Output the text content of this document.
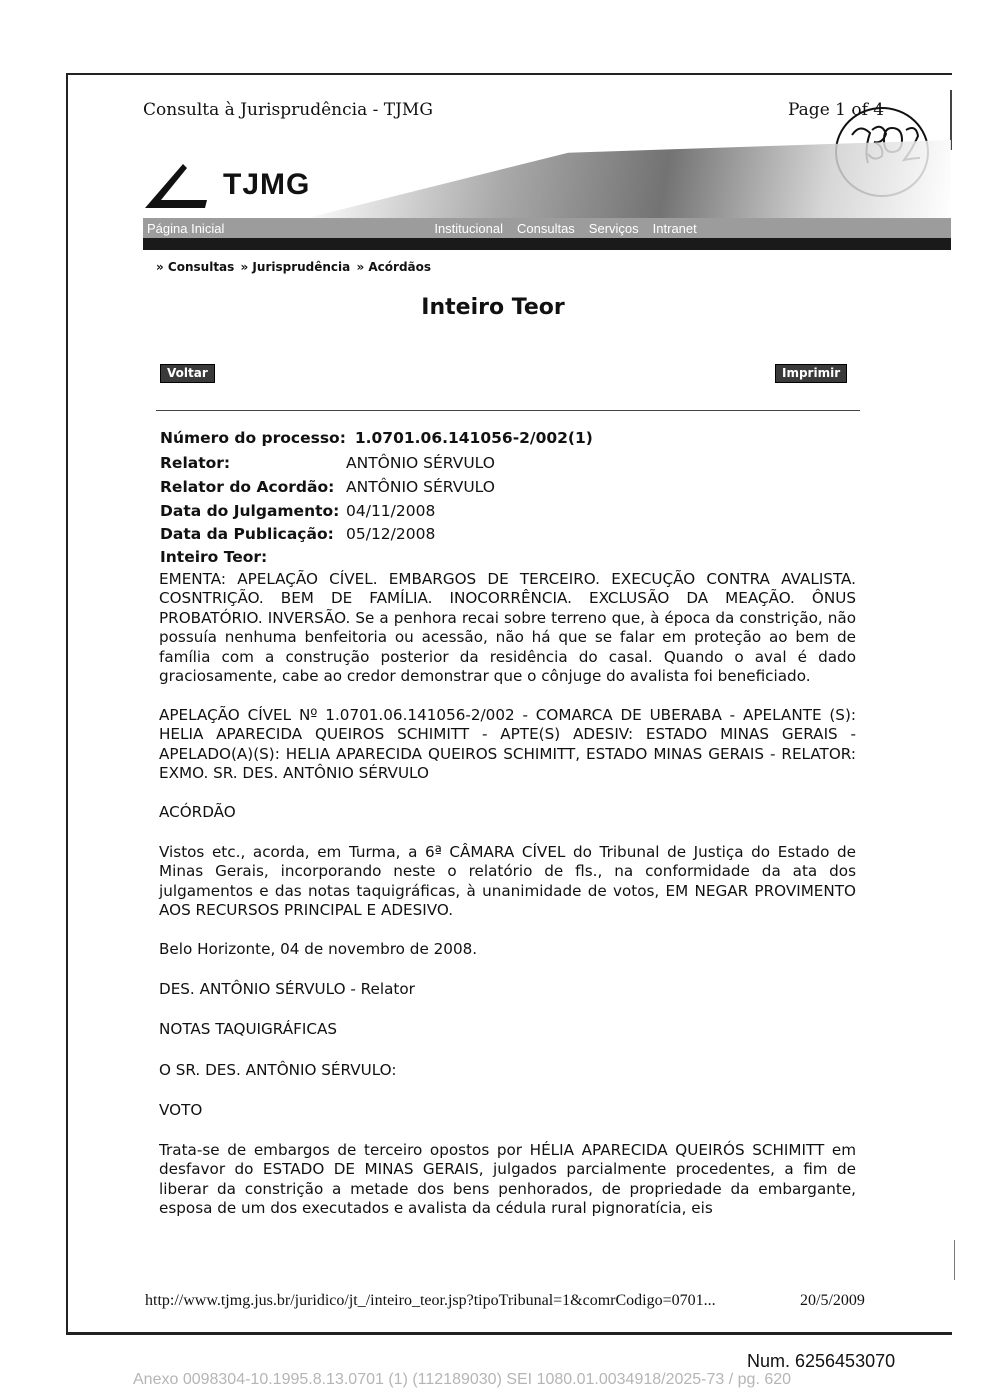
Consulta à Jurisprudência - TJMG	Page 1 of 4
TJMG
Página Inicial	Institucional Consultas Serviços Intranet
» Consultas » Jurisprudência » Acórdãos
Inteiro Teor
Voltar	Imprimir
Número do processo: 1.0701.06.141056-2/002(1)
Relator:	ANTÔNIO SÉRVULO
Relator do Acordão: ANTÔNIO SÉRVULO
Data do Julgamento: 04/11/2008
Data da Publicação: 05/12/2008
Inteiro Teor:

EMENTA: APELAÇÃO CÍVEL. EMBARGOS DE TERCEIRO. EXECUÇÃO CONTRA AVALISTA. COSNTRIÇÃO. BEM DE FAMÍLIA. INOCORRÊNCIA. EXCLUSÃO DA MEAÇÃO. ÔNUS PROBATÓRIO. INVERSÃO. Se a penhora recai sobre terreno que, à época da constrição, não possuía nenhuma benfeitoria ou acessão, não há que se falar em proteção ao bem de família com a construção posterior da residência do casal. Quando o aval é dado graciosamente, cabe ao credor demonstrar que o cônjuge do avalista foi beneficiado.

APELAÇÃO CÍVEL Nº 1.0701.06.141056-2/002 - COMARCA DE UBERABA - APELANTE (S): HELIA APARECIDA QUEIROS SCHIMITT - APTE(S) ADESIV: ESTADO MINAS GERAIS - APELADO(A)(S): HELIA APARECIDA QUEIROS SCHIMITT, ESTADO MINAS GERAIS - RELATOR: EXMO. SR. DES. ANTÔNIO SÉRVULO

ACÓRDÃO

Vistos etc., acorda, em Turma, a 6ª CÂMARA CÍVEL do Tribunal de Justiça do Estado de Minas Gerais, incorporando neste o relatório de fls., na conformidade da ata dos julgamentos e das notas taquigráficas, à unanimidade de votos, EM NEGAR PROVIMENTO AOS RECURSOS PRINCIPAL E ADESIVO.

Belo Horizonte, 04 de novembro de 2008.

DES. ANTÔNIO SÉRVULO - Relator

NOTAS TAQUIGRÁFICAS

O SR. DES. ANTÔNIO SÉRVULO:

VOTO

Trata-se de embargos de terceiro opostos por HÉLIA APARECIDA QUEIRÓS SCHIMITT em desfavor do ESTADO DE MINAS GERAIS, julgados parcialmente procedentes, a fim de liberar da constrição a metade dos bens penhorados, de propriedade da embargante, esposa de um dos executados e avalista da cédula rural pignoratícia, eis

http://www.tjmg.jus.br/juridico/jt_/inteiro_teor.jsp?tipoTribunal=1&comrCodigo=0701...	20/5/2009
Num. 6256453070
Anexo 0098304-10.1995.8.13.0701 (1) (112189030) SEI 1080.01.0034918/2025-73 / pg. 620
